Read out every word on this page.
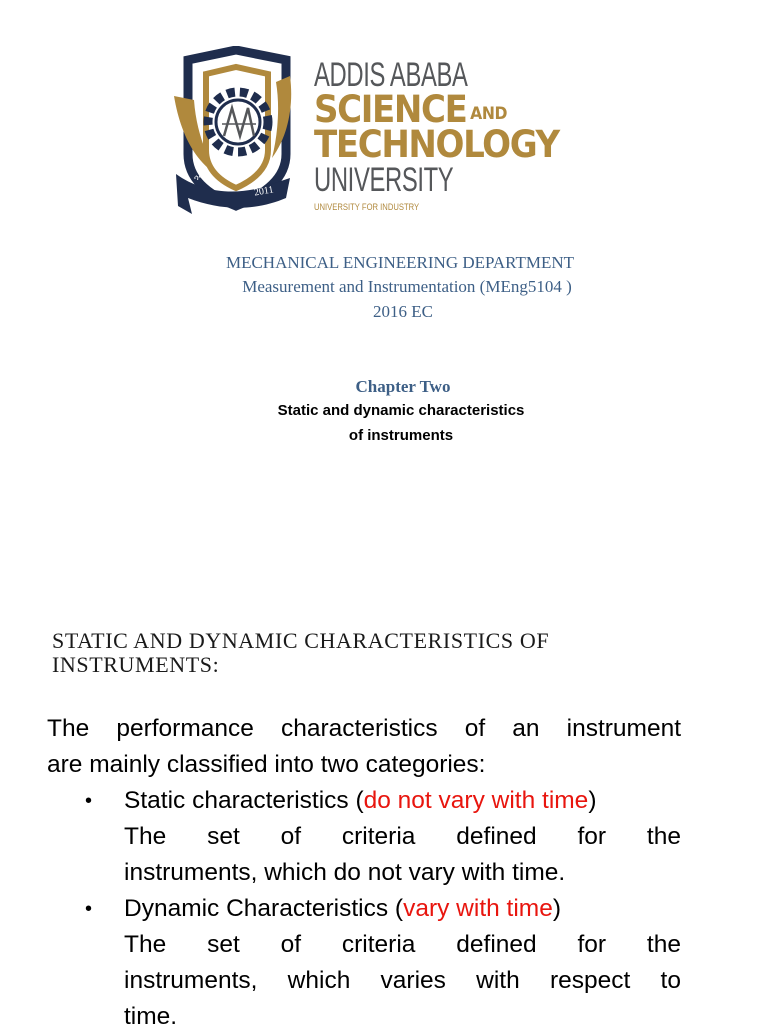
ሳሣቴ
2011
ADDIS ABABA
SCIENCE AND
TECHNOLOGY
UNIVERSITY
UNIVERSITY FOR INDUSTRY
MECHANICAL ENGINEERING DEPARTMENT
Measurement and Instrumentation (MEng5104 )
2016 EC
Chapter Two
Static and dynamic characteristics
of instruments
STATIC AND DYNAMIC CHARACTERISTICS OF INSTRUMENTS:
The performance characteristics of an instrument
are mainly classified into two categories:
• Static characteristics (do not vary with time)
The set of criteria defined for the
instruments, which do not vary with time.
• Dynamic Characteristics (vary with time)
The set of criteria defined for the
instruments, which varies with respect to
time.
